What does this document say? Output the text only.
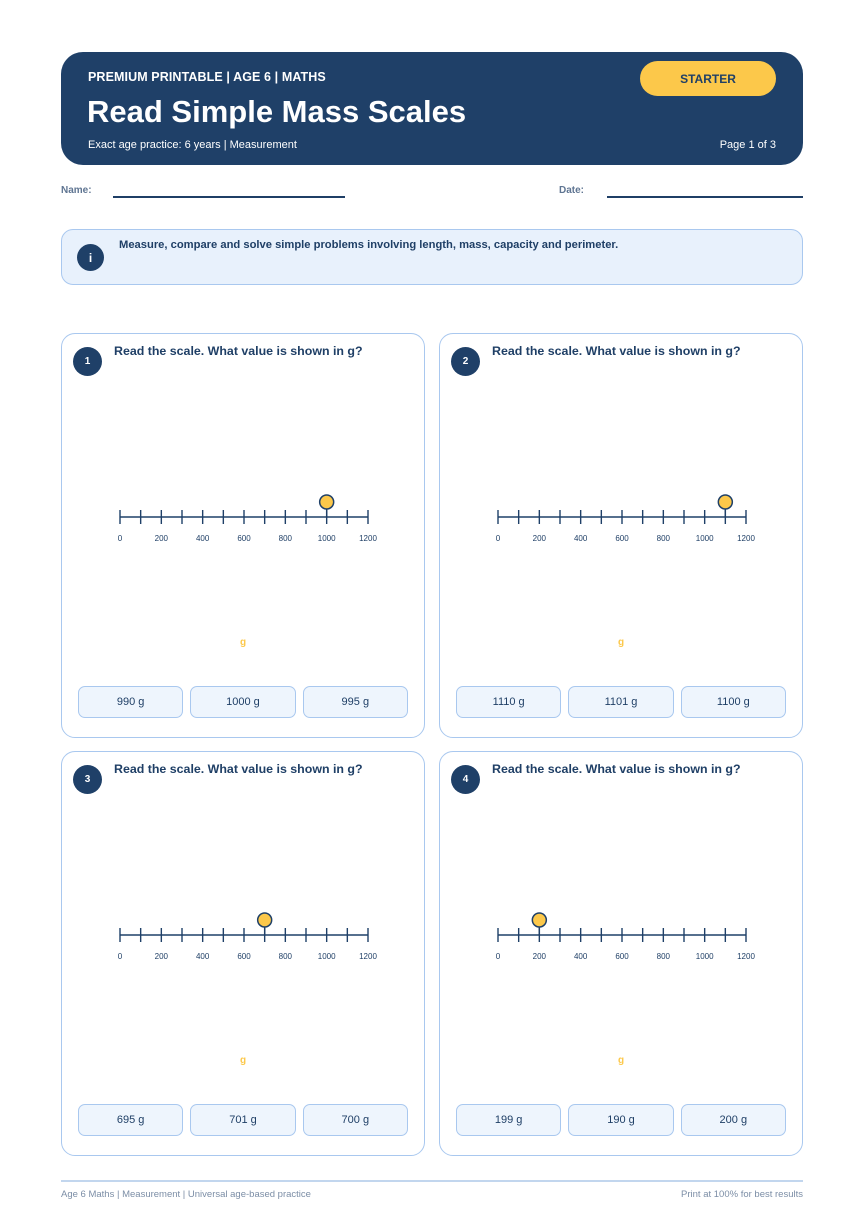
PREMIUM PRINTABLE | AGE 6 | MATHS
Read Simple Mass Scales
Exact age practice: 6 years | Measurement	Page 1 of 3
STARTER
Name:	Date:
i
Measure, compare and solve simple problems involving length, mass, capacity and perimeter.
1
Read the scale. What value is shown in g?
0	200	400	600	800	1000	1200
g
990 g	1000 g	995 g
2
Read the scale. What value is shown in g?
0	200	400	600	800	1000	1200
g
1110 g	1101 g	1100 g
3
Read the scale. What value is shown in g?
0	200	400	600	800	1000	1200
g
695 g	701 g	700 g
4
Read the scale. What value is shown in g?
0	200	400	600	800	1000	1200
g
199 g	190 g	200 g
Age 6 Maths | Measurement | Universal age-based practice	Print at 100% for best results
